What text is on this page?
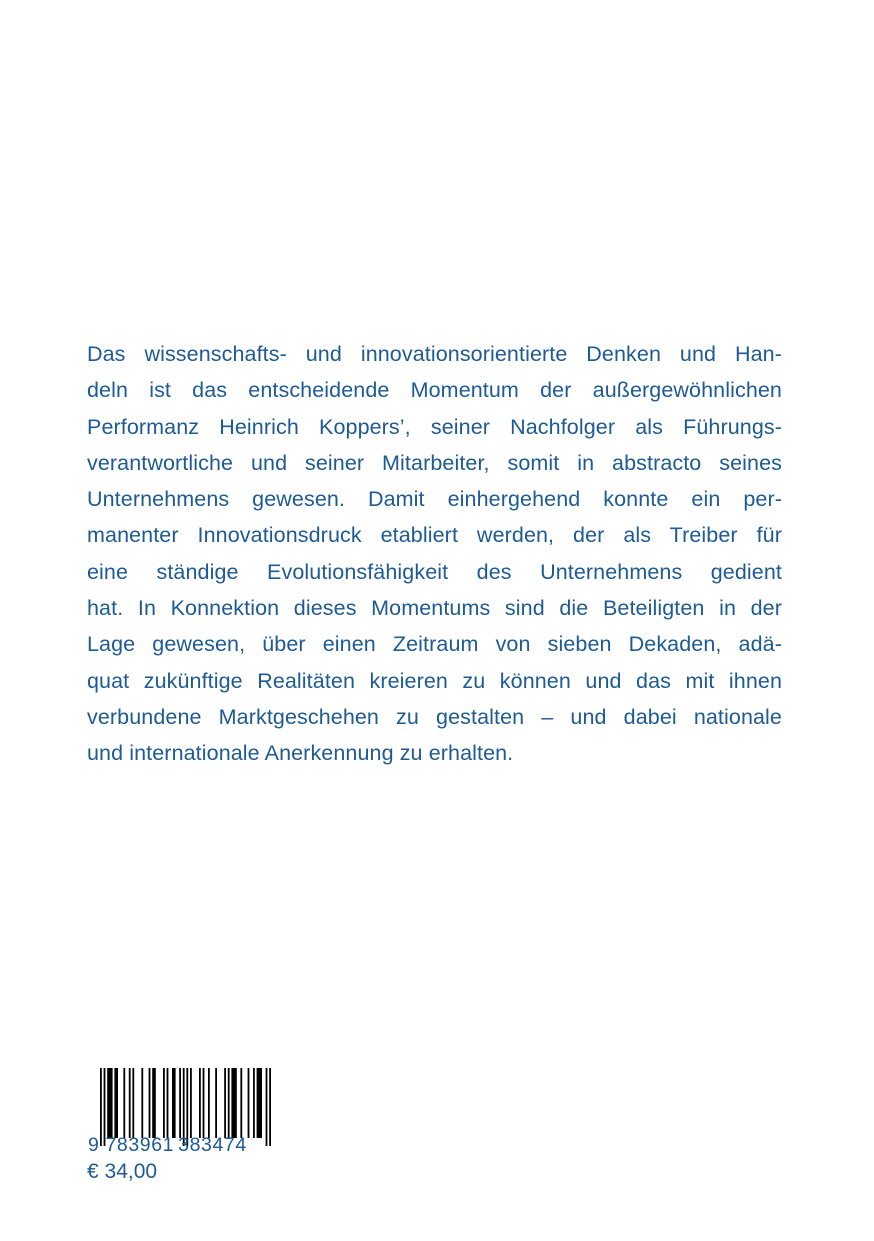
Das wissenschafts- und innovationsorientierte Denken und Han-
deln ist das entscheidende Momentum der außergewöhnlichen
Performanz Heinrich Koppers’, seiner Nachfolger als Führungs-
verantwortliche und seiner Mitarbeiter, somit in abstracto seines
Unternehmens gewesen. Damit einhergehend konnte ein per-
manenter Innovationsdruck etabliert werden, der als Treiber für
eine ständige Evolutionsfähigkeit des Unternehmens gedient
hat. In Konnektion dieses Momentums sind die Beteiligten in der
Lage gewesen, über einen Zeitraum von sieben Dekaden, adä-
quat zukünftige Realitäten kreieren zu können und das mit ihnen
verbundene Marktgeschehen zu gestalten – und dabei nationale
und internationale Anerkennung zu erhalten.
9 783961 383474
€ 34,00
